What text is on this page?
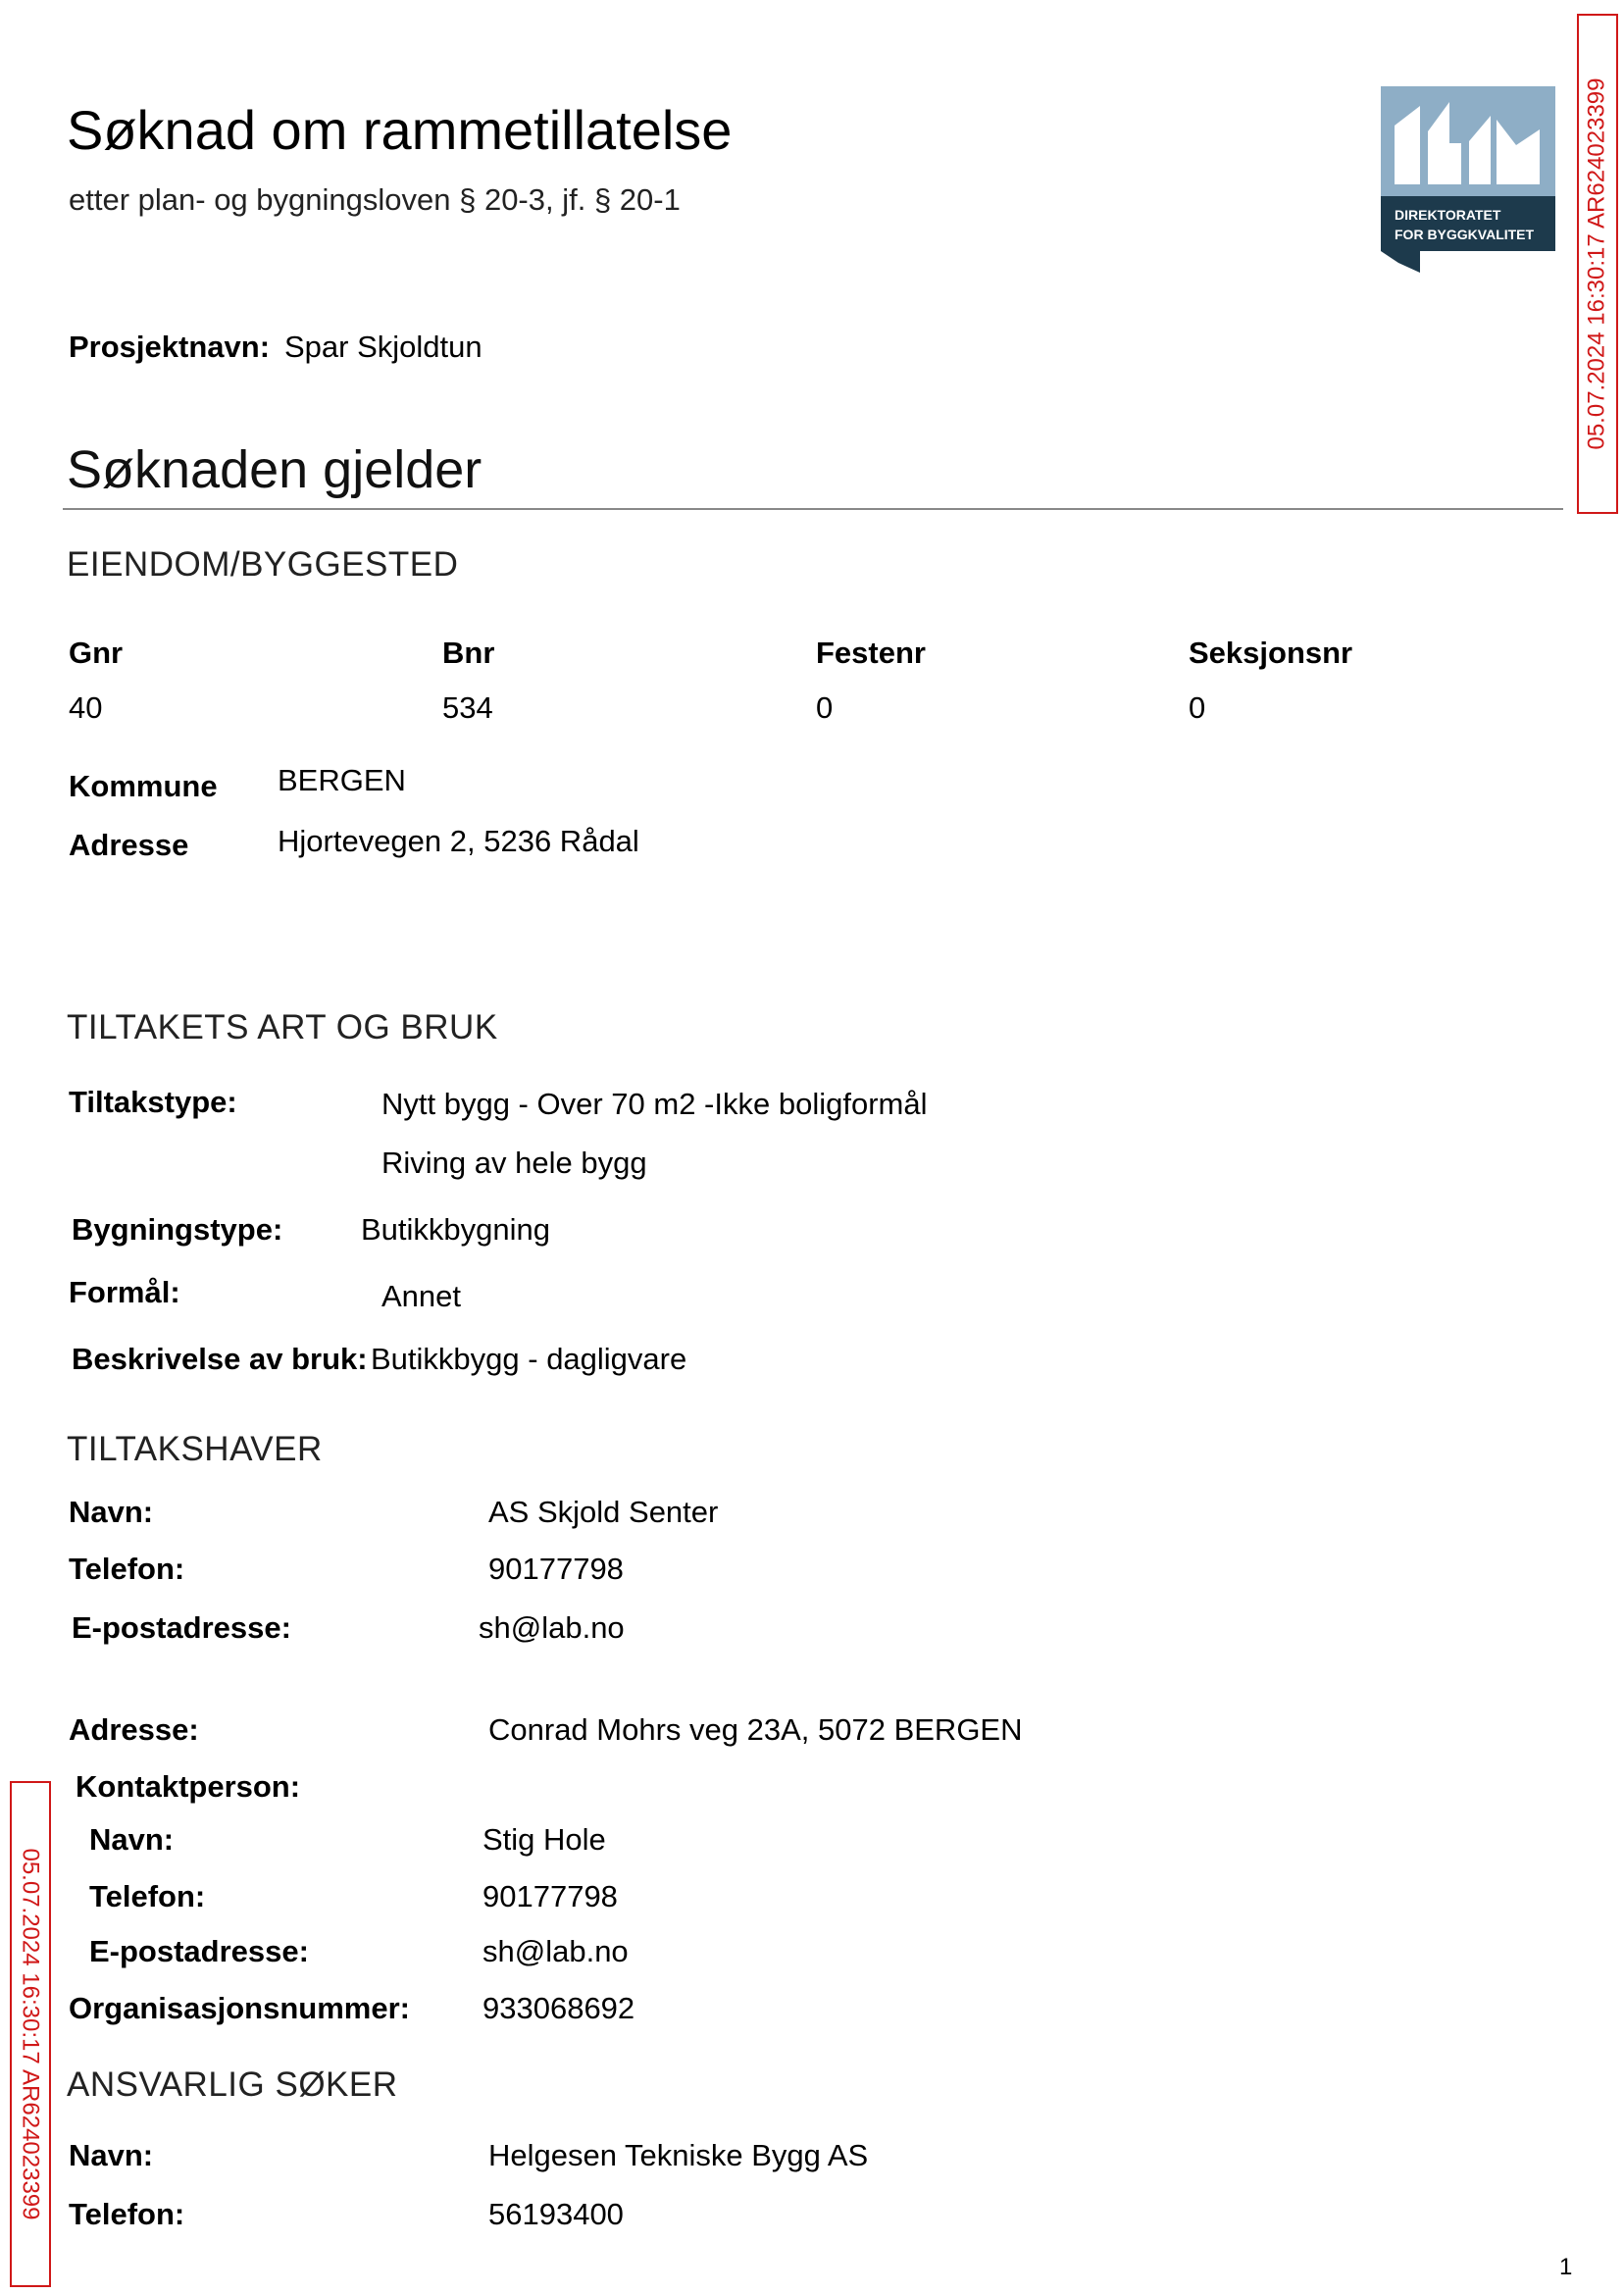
Søknad om rammetillatelse
etter plan- og bygningsloven § 20-3, jf. § 20-1	DIREKTORATET
FOR BYGGKVALITET 05.07.2024 16:30:17 AR624023399
05.07.2024 16:30:17 AR624023399
Prosjektnavn: Spar Skjoldtun
Søknaden gjelder
EIENDOM/BYGGESTED
Gnr	Bnr	Festenr	Seksjonsnr
40	534	0	0
Kommune BERGEN
Adresse	Hjortevegen 2, 5236 Rådal
TILTAKETS ART OG BRUK
Tiltakstype:	Nytt bygg - Over 70 m2 -Ikke boligformål
Riving av hele bygg
Bygningstype:	Butikkbygning
Formål:	Annet
Beskrivelse av bruk: Butikkbygg - dagligvare
TILTAKSHAVER
Navn:	AS Skjold Senter
Telefon:	90177798
E-postadresse:	sh@lab.no
Adresse:	Conrad Mohrs veg 23A, 5072 BERGEN
Kontaktperson:
Navn:	Stig Hole
Telefon:	90177798
E-postadresse:	sh@lab.no
Organisasjonsnummer: 933068692
ANSVARLIG SØKER
Navn:	Helgesen Tekniske Bygg AS
Telefon:	56193400
1
